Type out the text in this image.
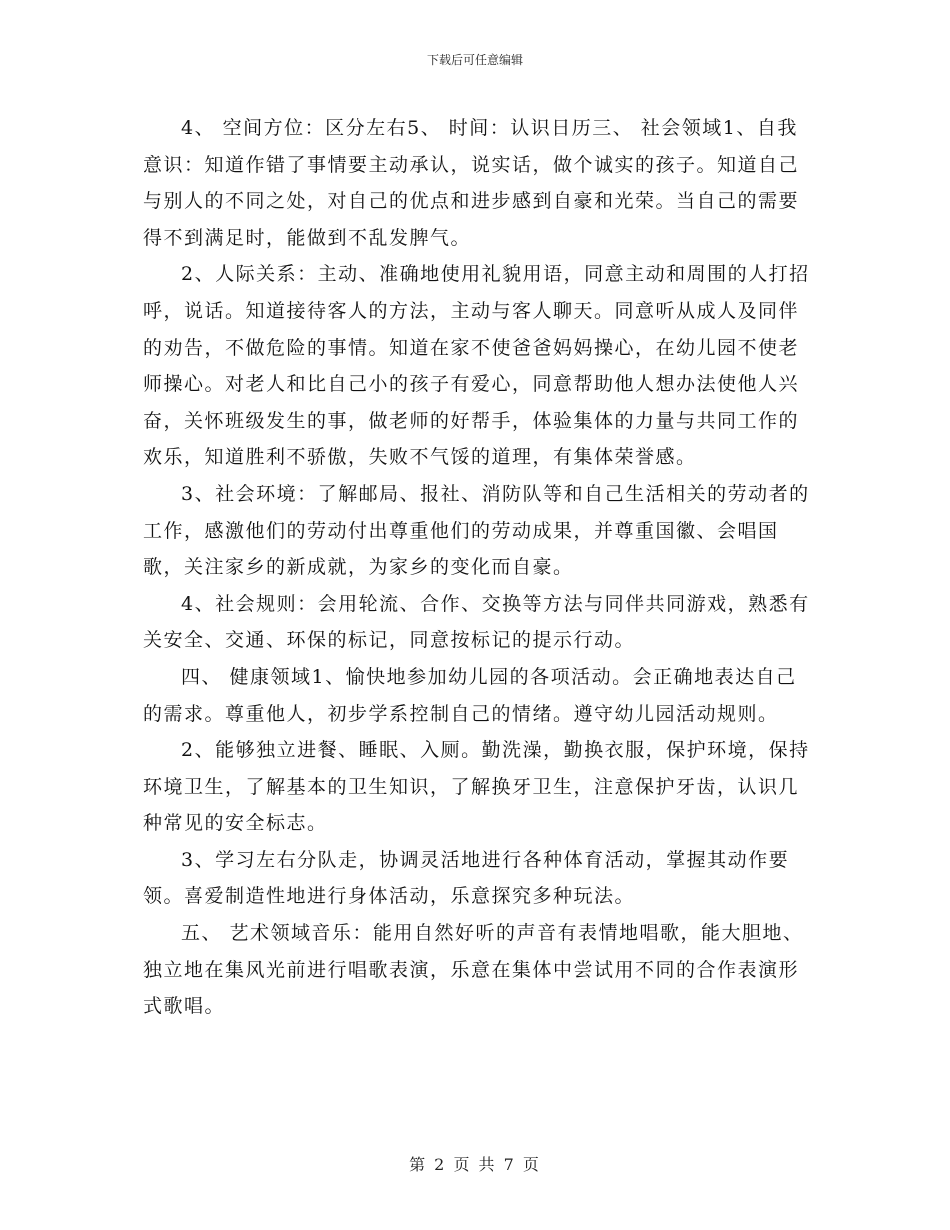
下载后可任意编辑

4、 空间方位：区分左右5、 时间：认识日历三、 社会领域1、自我意识：知道作错了事情要主动承认，说实话，做个诚实的孩子。知道自己与别人的不同之处，对自己的优点和进步感到自豪和光荣。当自己的需要得不到满足时，能做到不乱发脾气。

2、人际关系：主动、准确地使用礼貌用语，同意主动和周围的人打招呼，说话。知道接待客人的方法，主动与客人聊天。同意听从成人及同伴的劝告，不做危险的事情。知道在家不使爸爸妈妈操心，在幼儿园不使老师操心。对老人和比自己小的孩子有爱心，同意帮助他人想办法使他人兴奋，关怀班级发生的事，做老师的好帮手，体验集体的力量与共同工作的欢乐，知道胜利不骄傲，失败不气馁的道理，有集体荣誉感。

3、社会环境：了解邮局、报社、消防队等和自己生活相关的劳动者的工作，感激他们的劳动付出尊重他们的劳动成果，并尊重国徽、会唱国歌，关注家乡的新成就，为家乡的变化而自豪。

4、社会规则：会用轮流、合作、交换等方法与同伴共同游戏，熟悉有关安全、交通、环保的标记，同意按标记的提示行动。

四、 健康领域1、愉快地参加幼儿园的各项活动。会正确地表达自己的需求。尊重他人，初步学系控制自己的情绪。遵守幼儿园活动规则。

2、能够独立进餐、睡眠、入厕。勤洗澡，勤换衣服，保护环境，保持环境卫生，了解基本的卫生知识，了解换牙卫生，注意保护牙齿，认识几种常见的安全标志。

3、学习左右分队走，协调灵活地进行各种体育活动，掌握其动作要领。喜爱制造性地进行身体活动，乐意探究多种玩法。

五、 艺术领域音乐：能用自然好听的声音有表情地唱歌，能大胆地、独立地在集风光前进行唱歌表演，乐意在集体中尝试用不同的合作表演形式歌唱。

第 2 页 共 7 页
